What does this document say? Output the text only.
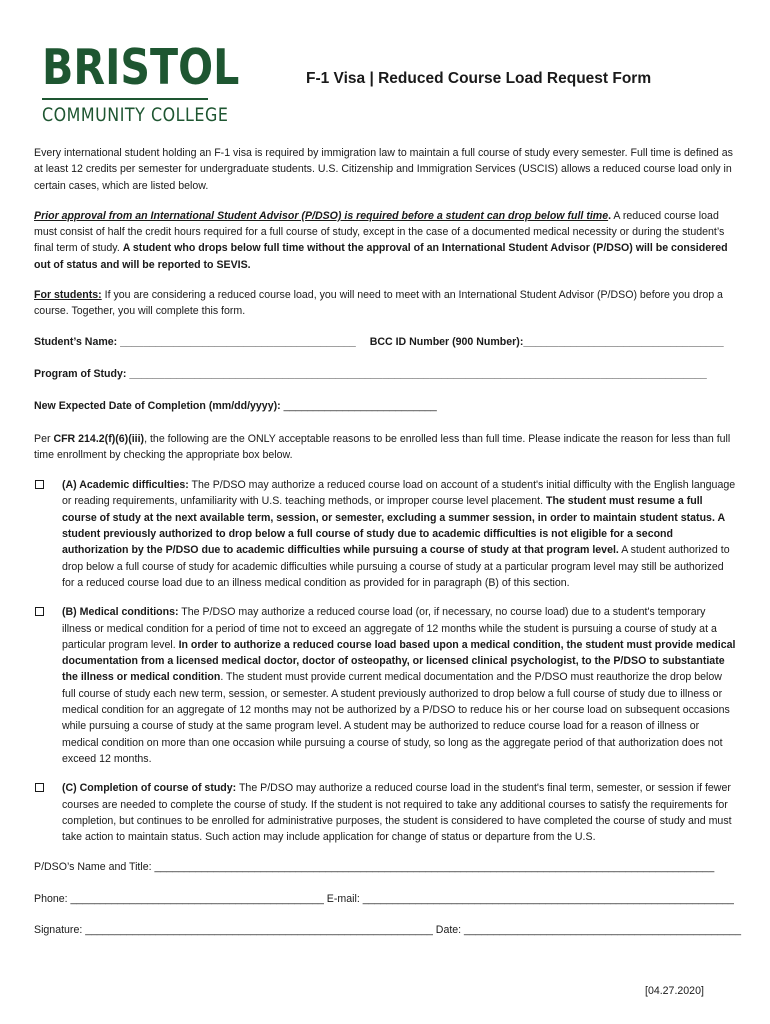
BRISTOL
COMMUNITY COLLEGE
F-1 Visa | Reduced Course Load Request Form

Every international student holding an F-1 visa is required by immigration law to maintain a full course of study every semester. Full time is defined as at least 12 credits per semester for undergraduate students. U.S. Citizenship and Immigration Services (USCIS) allows a reduced course load only in certain cases, which are listed below.

Prior approval from an International Student Advisor (P/DSO) is required before a student can drop below full time. A reduced course load must consist of half the credit hours required for a full course of study, except in the case of a documented medical necessity or during the student’s final term of study. A student who drops below full time without the approval of an International Student Advisor (P/DSO) will be considered out of status and will be reported to SEVIS.

For students: If you are considering a reduced course load, you will need to meet with an International Student Advisor (P/DSO) before you drop a course. Together, you will complete this form.

Student’s Name: ________________________________________ BCC ID Number (900 Number):__________________________________
Program of Study: __________________________________________________________________________________________________
New Expected Date of Completion (mm/dd/yyyy): __________________________

Per CFR 214.2(f)(6)(iii), the following are the ONLY acceptable reasons to be enrolled less than full time. Please indicate the reason for less than full time enrollment by checking the appropriate box below.

(A) Academic difficulties: The P/DSO may authorize a reduced course load on account of a student's initial difficulty with the English language or reading requirements, unfamiliarity with U.S. teaching methods, or improper course level placement. The student must resume a full course of study at the next available term, session, or semester, excluding a summer session, in order to maintain student status. A student previously authorized to drop below a full course of study due to academic difficulties is not eligible for a second authorization by the P/DSO due to academic difficulties while pursuing a course of study at that program level. A student authorized to drop below a full course of study for academic difficulties while pursuing a course of study at a particular program level may still be authorized for a reduced course load due to an illness medical condition as provided for in paragraph (B) of this section.
(B) Medical conditions: The P/DSO may authorize a reduced course load (or, if necessary, no course load) due to a student's temporary illness or medical condition for a period of time not to exceed an aggregate of 12 months while the student is pursuing a course of study at a particular program level. In order to authorize a reduced course load based upon a medical condition, the student must provide medical documentation from a licensed medical doctor, doctor of osteopathy, or licensed clinical psychologist, to the P/DSO to substantiate the illness or medical condition. The student must provide current medical documentation and the P/DSO must reauthorize the drop below full course of study each new term, session, or semester. A student previously authorized to drop below a full course of study due to illness or medical condition for an aggregate of 12 months may not be authorized by a P/DSO to reduce his or her course load on subsequent occasions while pursuing a course of study at the same program level. A student may be authorized to reduce course load for a reason of illness or medical condition on more than one occasion while pursuing a course of study, so long as the aggregate period of that authorization does not exceed 12 months.
(C) Completion of course of study: The P/DSO may authorize a reduced course load in the student's final term, semester, or session if fewer courses are needed to complete the course of study. If the student is not required to take any additional courses to satisfy the requirements for completion, but continues to be enrolled for administrative purposes, the student is considered to have completed the course of study and must take action to maintain status. Such action may include application for change of status or departure from the U.S.
P/DSO’s Name and Title: _______________________________________________________________________________________________
Phone: ___________________________________________ E-mail: _______________________________________________________________
Signature: ___________________________________________________________ Date: _______________________________________________
[04.27.2020]
